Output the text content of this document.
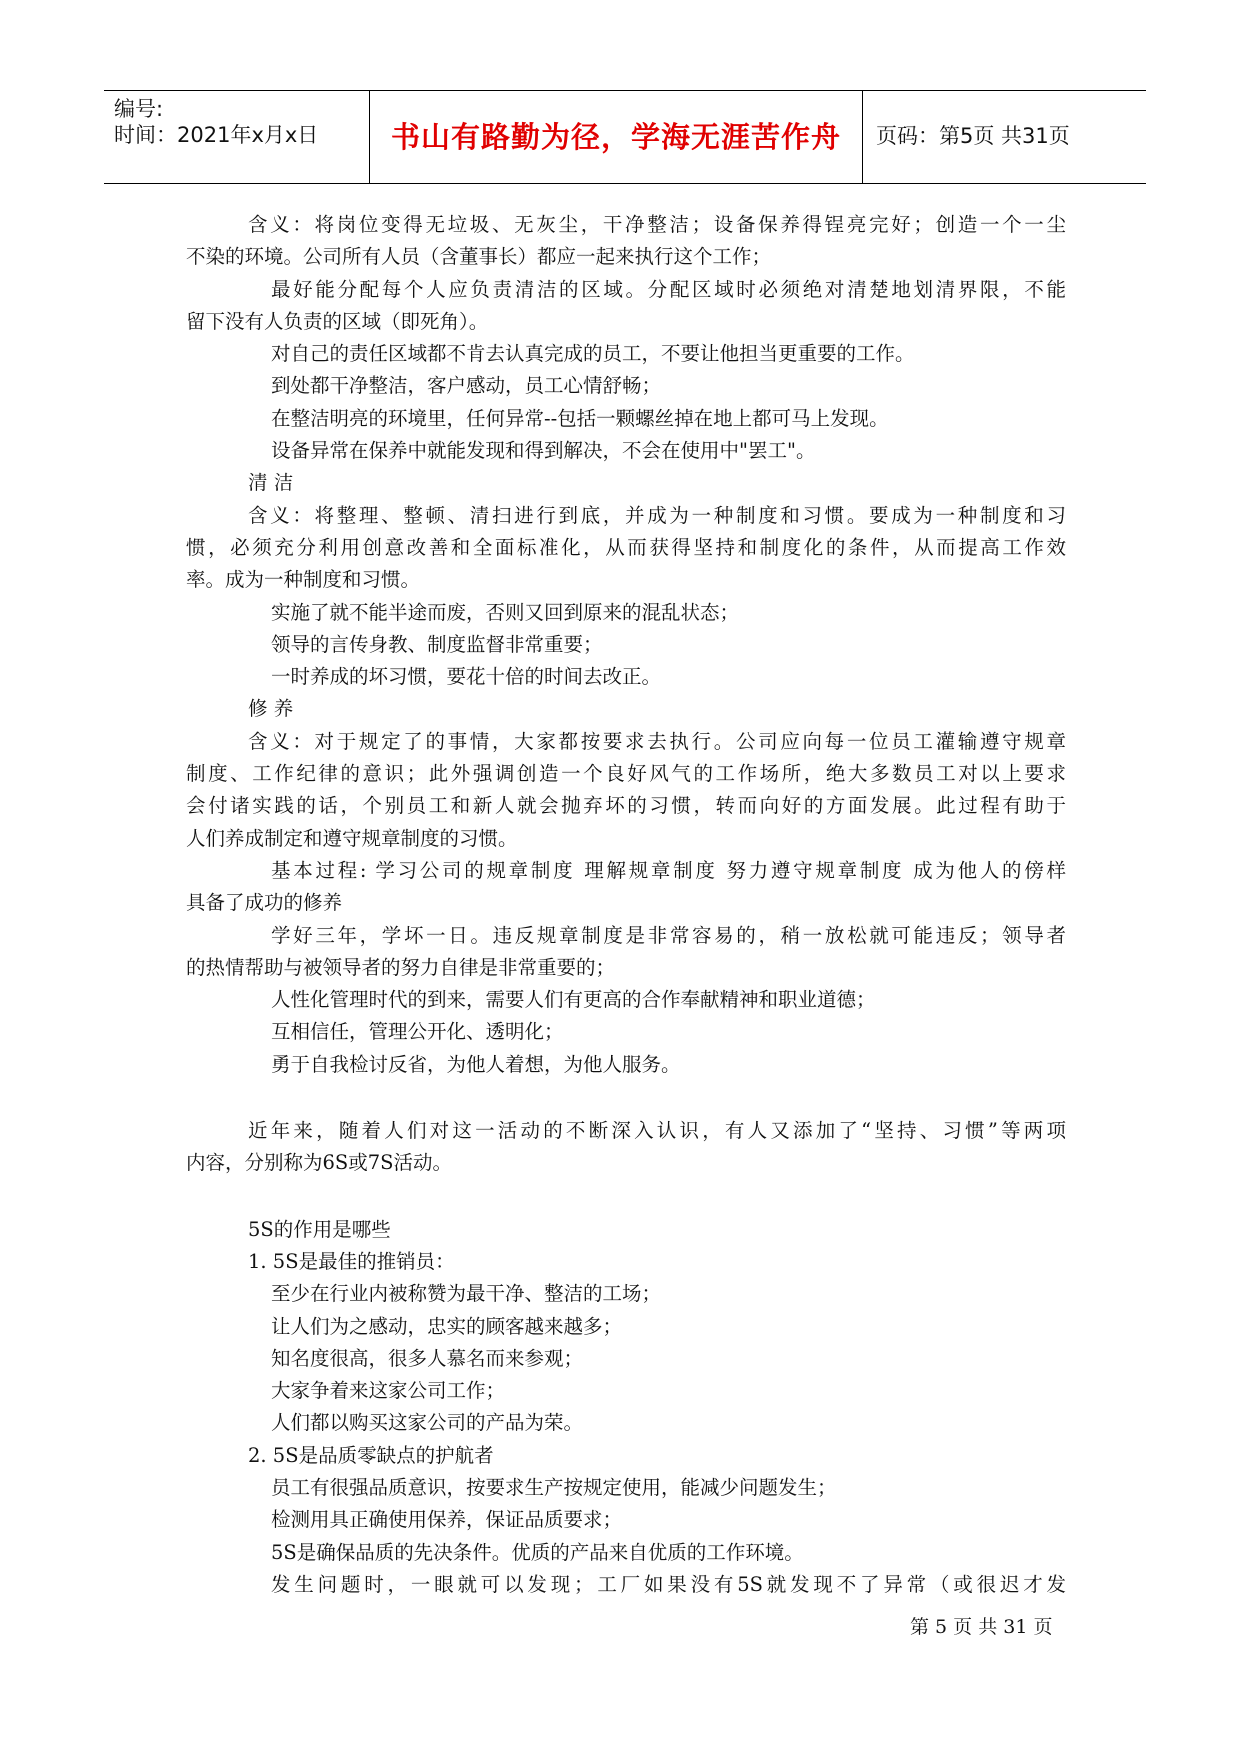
编号:
时间：2021年x月x日	书山有路勤为径，学海无涯苦作舟 页码：第5页 共31页
含义：将岗位变得无垃圾、无灰尘，干净整洁；设备保养得锃亮完好；创造一个一尘
不染的环境。公司所有人员（含董事长）都应一起来执行这个工作；
最好能分配每个人应负责清洁的区域。分配区域时必须绝对清楚地划清界限，不能
留下没有人负责的区域（即死角）。
对自己的责任区域都不肯去认真完成的员工，不要让他担当更重要的工作。
到处都干净整洁，客户感动，员工心情舒畅；
在整洁明亮的环境里，任何异常--包括一颗螺丝掉在地上都可马上发现。
设备异常在保养中就能发现和得到解决，不会在使用中"罢工"。
清 洁
含义：将整理、整顿、清扫进行到底，并成为一种制度和习惯。要成为一种制度和习
惯，必须充分利用创意改善和全面标准化，从而获得坚持和制度化的条件，从而提高工作效
率。成为一种制度和习惯。
实施了就不能半途而废，否则又回到原来的混乱状态；
领导的言传身教、制度监督非常重要；
一时养成的坏习惯，要花十倍的时间去改正。
修 养
含义：对于规定了的事情，大家都按要求去执行。公司应向每一位员工灌输遵守规章
制度、工作纪律的意识；此外强调创造一个良好风气的工作场所，绝大多数员工对以上要求
会付诸实践的话，个别员工和新人就会抛弃坏的习惯，转而向好的方面发展。此过程有助于
人们养成制定和遵守规章制度的习惯。
基本过程: 学习公司的规章制度 理解规章制度 努力遵守规章制度 成为他人的傍样
具备了成功的修养
学好三年，学坏一日。违反规章制度是非常容易的，稍一放松就可能违反；领导者
的热情帮助与被领导者的努力自律是非常重要的；
人性化管理时代的到来，需要人们有更高的合作奉献精神和职业道德；
互相信任，管理公开化、透明化；
勇于自我检讨反省，为他人着想，为他人服务。
近年来，随着人们对这一活动的不断深入认识，有人又添加了“坚持、习惯”等两项
内容，分别称为6S或7S活动。
5S的作用是哪些
1. 5S是最佳的推销员：
至少在行业内被称赞为最干净、整洁的工场；
让人们为之感动，忠实的顾客越来越多；
知名度很高，很多人慕名而来参观；
大家争着来这家公司工作；
人们都以购买这家公司的产品为荣。
2. 5S是品质零缺点的护航者
员工有很强品质意识，按要求生产按规定使用，能减少问题发生；
检测用具正确使用保养，保证品质要求；
5S是确保品质的先决条件。优质的产品来自优质的工作环境。
发生问题时，一眼就可以发现；工厂如果没有5S就发现不了异常（或很迟才发
第 5 页 共 31 页
